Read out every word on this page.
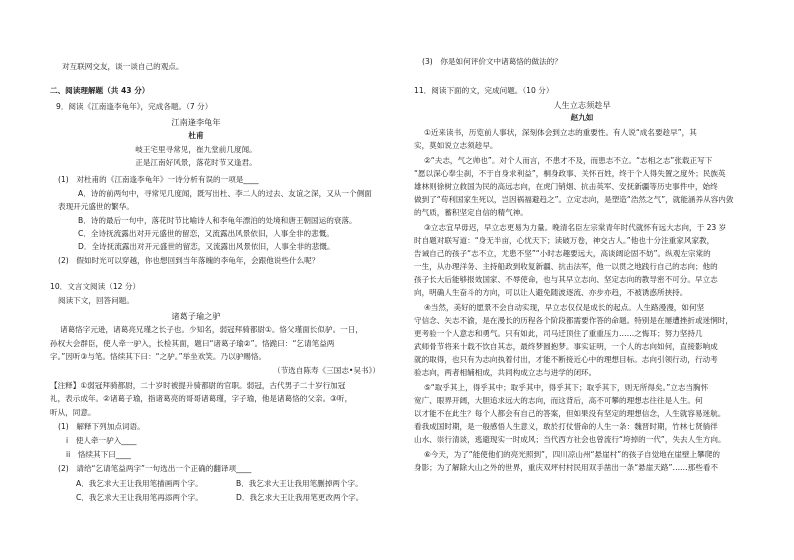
对互联网交友，谈一谈自己的观点。
二、阅读理解题（共 43 分）
9．阅读《江南逢李龟年》，完成各题。（7 分）
江南逢李龟年
杜甫
岐王宅里寻常见，崔九堂前几度闻。
正是江南好风景，落花时节又逢君。
(1)　对杜甫的《江南逢李龟年》一诗分析有误的一项是____
A．诗的前两句中，寻常见几度闻，既写出杜、李二人的过去、友谊之深，又从一个侧面
表现开元盛世的繁华。
B．诗的最后一句中，落花时节比喻诗人和李龟年漂泊的处境和唐王朝国运的衰落。
C．全诗抚流露出对开元盛世的留恋，又流露出风景依旧，人事全非的悲慨。
D．全诗抚流露出对开元盛世的留恋，又流露出风景依旧，人事全非的悲慨。
(2)　假如时光可以穿越，你也想回到当年落魄的李龟年，会跟他说些什么呢？
10．文言文阅读（12 分）
阅读下文，回答问题。
诸葛子瑜之驴
诸葛恪字元逊，诸葛亮兄瑾之长子也。少知名，弱冠拜骑都尉①。恪父瑾面长似驴。一日，
孙权大会群臣，使人牵一驴入，长检其面，题曰“诸葛子瑜②”。恪跪曰：“乞请笔益两
字。”因听③与笔。恪续其下曰：“之驴。”举坐欢笑。乃以驴赐恪。
（节选自陈寿《三国志•吴书》）
【注释】①弱冠拜骑都尉，二十岁时被提升骑都尉的官职。弱冠，古代男子二十岁行加冠
礼，表示成年。②诸葛子瑜，指诸葛亮的哥哥诸葛瑾，字子瑜，他是诸葛恪的父亲。③听，
听从，同意。
(1)　解释下列加点词语。
i　使人牵一驴入____
ii　恪续其下曰____
(2)　请给“乞请笔益两字”一句选出一个正确的翻译项____
A．我乞求大王让我用笔描画两个字。	B．我乞求大王让我用笔删掉两个字。
C．我乞求大王让我用笔再添两个字。	D．我乞求大王让我用笔更改两个字。
(3)　你是如何评价文中诸葛恪的做法的？
11．阅读下面的文，完成问题。（10 分）
人生立志须趁早
赵九如
①近来读书，历览前人事状，深刻体会到立志的重要性。有人说“成名要趁早”，其
实，莫如说立志须趁早。
②“夫志，气之帅也”。对个人而言，不患才不及，而患志不立。“志相之志”张载正写下
“愿以深心奉尘刹，不于自身求利益”，桐身政事、关怀百姓，终于个人得失置之度外；民族英
雄林则徐树立救国为民的高远志向，在虎门销烟、抗击英军、安抚新疆等历史事件中，始终
做到了“苟利国家生死以，岂因祸福避趋之”。立定志向，是塑造“浩然之气”，就能涵养从容内敛
的气质，蓄积坚定自信的精气神。
③立志宜早毋迟，早立志更易为力量。晚清名臣左宗棠青年时代就怀有远大志向，于 23 岁
时自题对联写道：“身无半亩，心忧天下；读破万卷，神交古人。”他也十分注重家风家教，
告诫自己的孩子“志不立，尤患不坚”“小时志趣要远大，高谈阔论固不妨”。纵观左宗棠的
一生，从办理洋务、主持船政到收复新疆、抗击法军，他一以贯之地践行自己的志向；他的
孩子长大后能够报效国家、不辱使命，也与其早立志向、坚定志向的教导密不可分。早立志
向，明确人生奋斗的方向，可以让人避免随波逐流、亦步亦趋，不被诱惑所挟持。
④当然，美好的愿景不会自动实现，早立志仅仅是成长的起点。人生路漫漫，如何坚
守信念、矢志不渝，是在漫长的历程各个阶段都需要作答的命题。特别是在屡遭挫折或迷惘时，
更考验一个人意志和勇气。只有如此，司马迁顶住了重重压力……之悔耳；努力坚持几
武师骨节将来十载不饮自其志，最终梦圆抱梦。事实证明，一个人的志向如何，直接影响成
就的取得，也只有为志向执着付出，才能不断接近心中的理想目标。志向引领行动，行动考
验志向，两者相辅相成，共同构成立志与进学的闭环。
⑤“取乎其上，得乎其中；取乎其中，得乎其下；取乎其下，则无所得矣。”立志当胸怀
宽广、眼界开阔，大胆追求远大的志向，而这背后，高不可攀的理想志往往是人生。何
以才能不在此生？每个人都会有自己的答案，但如果没有坚定的理想信念，人生就容易迷航。
看我成国时期，是一般感悟人生意义，敢於打仗惜命的人生一条：魏晋时期，竹林七贤徜徉
山水、崇行清谈，逃避现实一时成风；当代西方社会也曾流行“垮掉的一代”，失去人生方向。
⑥今天，为了“能使他们的亮光照到”，四川凉山州“悬崖村”的孩子自觉地在崖壁上攀爬的
身影；为了解除大山之外的世界，重庆双坪村村民用双手凿出一条“悬崖天路”……那些看不
